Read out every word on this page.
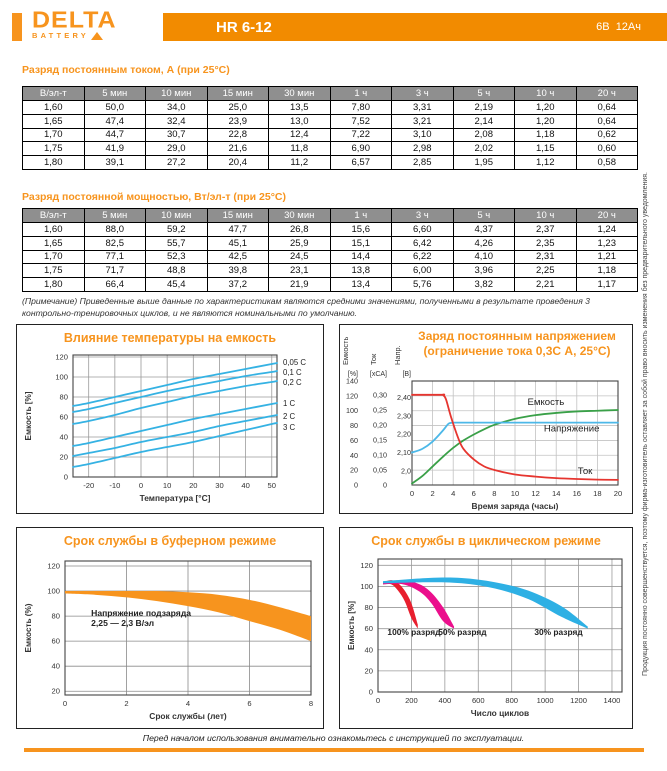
DELTA
BATTERY	HR 6-12	6В  12Ач
Разряд постоянным током, А (при 25°С)
В/эл-т	5 мин	10 мин	15 мин	30 мин	1 ч	3 ч	5 ч	10 ч	20 ч
1,60	50,0	34,0	25,0	13,5	7,80	3,31	2,19	1,20	0,64
1,65	47,4	32,4	23,9	13,0	7,52	3,21	2,14	1,20	0,64
1,70	44,7	30,7	22,8	12,4	7,22	3,10	2,08	1,18	0,62
1,75	41,9	29,0	21,6	11,8	6,90	2,98	2,02	1,15	0,60
1,80	39,1	27,2	20,4	11,2	6,57	2,85	1,95	1,12	0,58
Разряд постоянной мощностью, Вт/эл-т (при 25°С)
В/эл-т	5 мин	10 мин	15 мин	30 мин	1 ч	3 ч	5 ч	10 ч	20 ч
1,60	88,0	59,2	47,7	26,8	15,6	6,60	4,37	2,37	1,24
1,65	82,5	55,7	45,1	25,9	15,1	6,42	4,26	2,35	1,23
1,70	77,1	52,3	42,5	24,5	14,4	6,22	4,10	2,31	1,21
1,75	71,7	48,8	39,8	23,1	13,8	6,00	3,96	2,25	1,18
1,80	66,4	45,4	37,2	21,9	13,4	5,76	3,82	2,21	1,17
(Примечание) Приведенные выше данные по характеристикам являются средними значениями, полученными в результате проведения 3 контрольно-тренировочных циклов, и не являются номинальными по умолчанию.
0,05 C
0,1 C
0,2 C
1 C
2 C
3 C
-20 -10 0	10 20 30 40 50
Температура [°C]
0
20
40
60
80
100
120
Емкость [%]
Влияние температуры на емкость
Емкость
Напряжение
Ток
0 2 4 6 8 10 12 14 16 18 20
Время заряда (часы)
0
20
40
60
80
100
120
140
[%]
Емкость
0
0,05
0,10
0,15
0,20
0,25
0,30
[xCA]
Ток
2,0
2,10
2,20
2,30
2,40
[B]
Напр.
Заряд постоянным напряжением
(ограничение тока 0,3С А, 25°С)
0	2	4	6	8
Срок службы (лет)
20
40
60
80
100
120
Емкость (%)	Напряжение подзаряда
2,25 — 2,3 В/эл
Срок службы в буферном режиме
100% разряд
50% разряд	30% разряд
0	200	400	600	800 1000 1200 1400
Число циклов
0
20
40
60
80
100
120
Емкость [%]
Срок службы в циклическом режиме	Продукция постоянно совершенствуется, поэтому фирма-изготовитель оставляет за собой право вносить изменения без предварительного уведомления.
Перед началом использования внимательно ознакомьтесь с инструкцией по эксплуатации.
